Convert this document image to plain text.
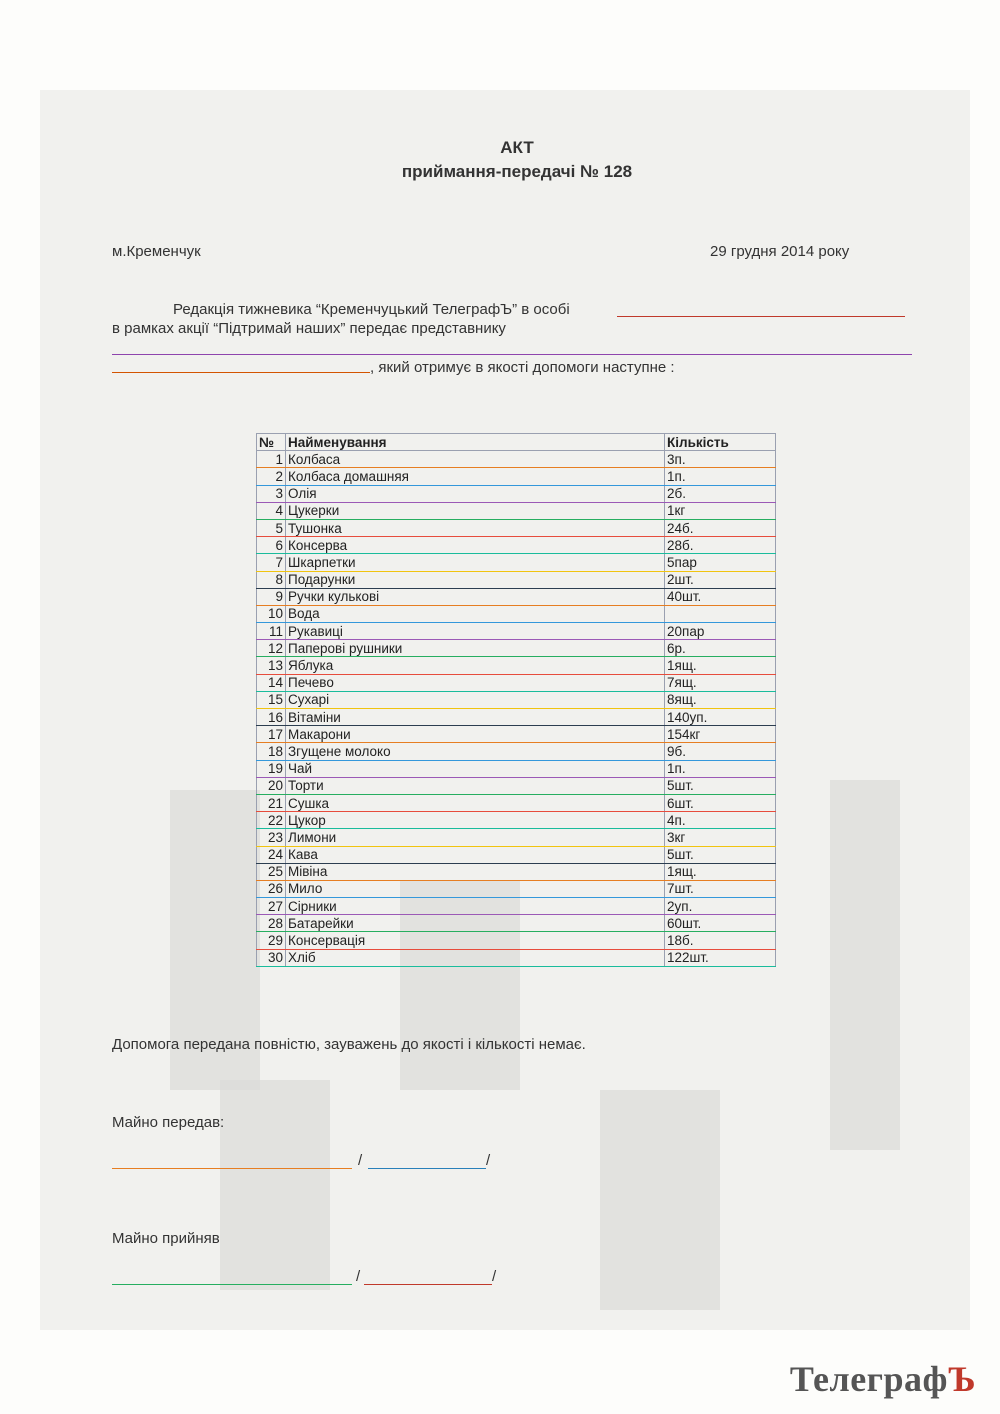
АКТ
приймання-передачі № 128
м.Кременчук	29 грудня 2014 року
Редакція тижневика “Кременчуцький ТелеграфЪ” в особі
в рамках акції “Підтримай наших” передає представнику
, який отримує в якості допомоги наступне :
№	Найменування	Кількість
1	Колбаса	3п.
2	Колбаса домашняя	1п.
3	Олія	2б.
4	Цукерки	1кг
5	Тушонка	24б.
6	Консерва	28б.
7	Шкарпетки	5пар
8	Подарунки	2шт.
9	Ручки кулькові	40шт.
10	Вода	
11	Рукавиці	20пар
12	Паперові рушники	6р.
13	Яблука	1ящ.
14	Печево	7ящ.
15	Сухарі	8ящ.
16	Вітаміни	140уп.
17	Макарони	154кг
18	Згущене молоко	9б.
19	Чай	1п.
20	Торти	5шт.
21	Сушка	6шт.
22	Цукор	4п.
23	Лимони	3кг
24	Кава	5шт.
25	Мівіна	1ящ.
26	Мило	7шт.
27	Сірники	2уп.
28	Батарейки	60шт.
29	Консервація	18б.
30	Хліб	122шт.
Допомога передана повністю, зауважень до якості і кількості немає.
Майно передав:
/	/
Майно прийняв
/	/
ТелеграфЪ
